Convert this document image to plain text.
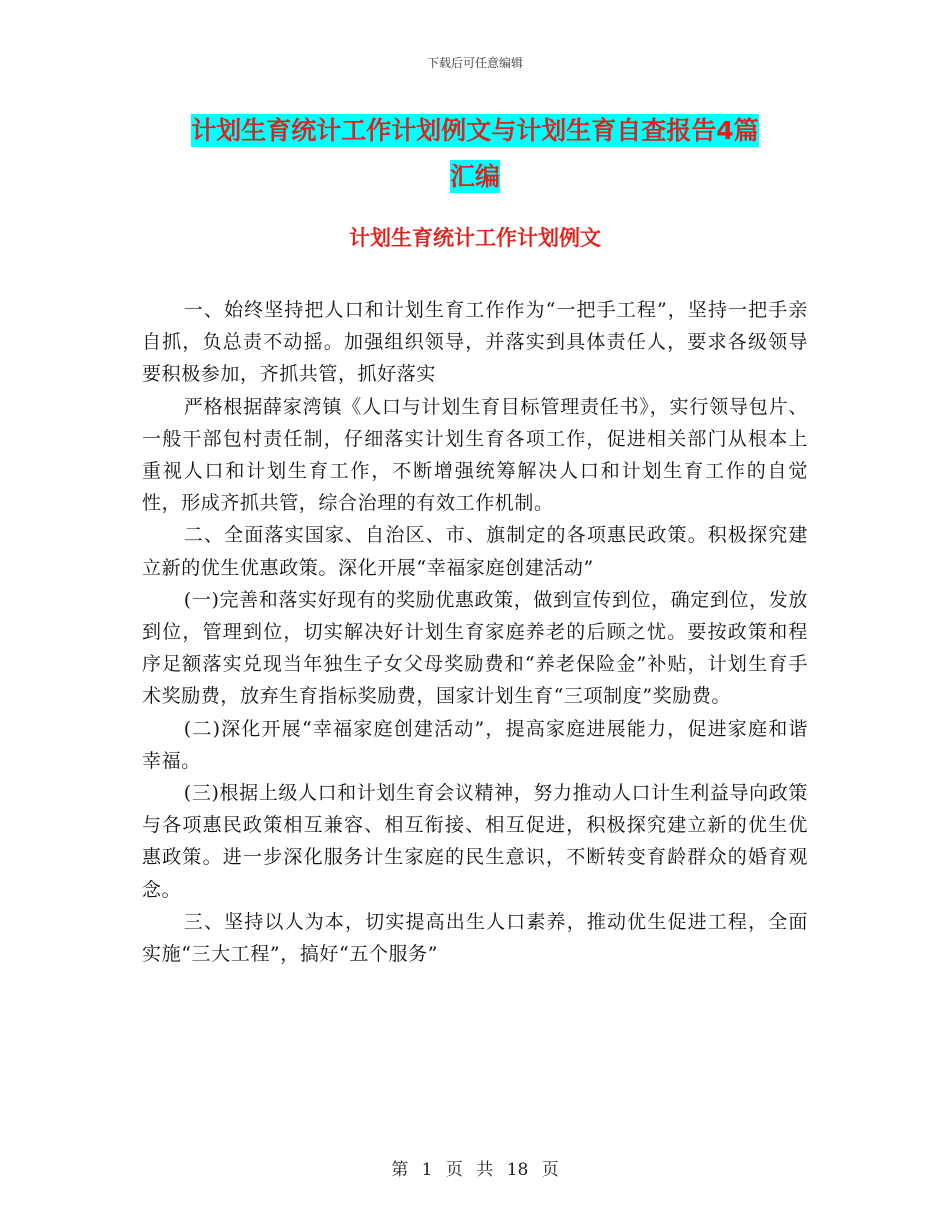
下载后可任意编辑
计划生育统计工作计划例文与计划生育自查报告4篇
汇编
计划生育统计工作计划例文

一、始终坚持把人口和计划生育工作作为“一把手工程”，坚持一把手亲自抓，负总责不动摇。加强组织领导，并落实到具体责任人，要求各级领导要积极参加，齐抓共管，抓好落实

严格根据薛家湾镇《人口与计划生育目标管理责任书》，实行领导包片、一般干部包村责任制，仔细落实计划生育各项工作，促进相关部门从根本上重视人口和计划生育工作，不断增强统筹解决人口和计划生育工作的自觉性，形成齐抓共管，综合治理的有效工作机制。

二、全面落实国家、自治区、市、旗制定的各项惠民政策。积极探究建立新的优生优惠政策。深化开展“幸福家庭创建活动”

(一)完善和落实好现有的奖励优惠政策，做到宣传到位，确定到位，发放到位，管理到位，切实解决好计划生育家庭养老的后顾之忧。要按政策和程序足额落实兑现当年独生子女父母奖励费和“养老保险金”补贴，计划生育手术奖励费，放弃生育指标奖励费，国家计划生育“三项制度”奖励费。

(二)深化开展“幸福家庭创建活动”，提高家庭进展能力，促进家庭和谐幸福。

(三)根据上级人口和计划生育会议精神，努力推动人口计生利益导向政策与各项惠民政策相互兼容、相互衔接、相互促进，积极探究建立新的优生优惠政策。进一步深化服务计生家庭的民生意识，不断转变育龄群众的婚育观念。

三、坚持以人为本，切实提高出生人口素养，推动优生促进工程，全面实施“三大工程”，搞好“五个服务”

第 1 页 共 18 页
